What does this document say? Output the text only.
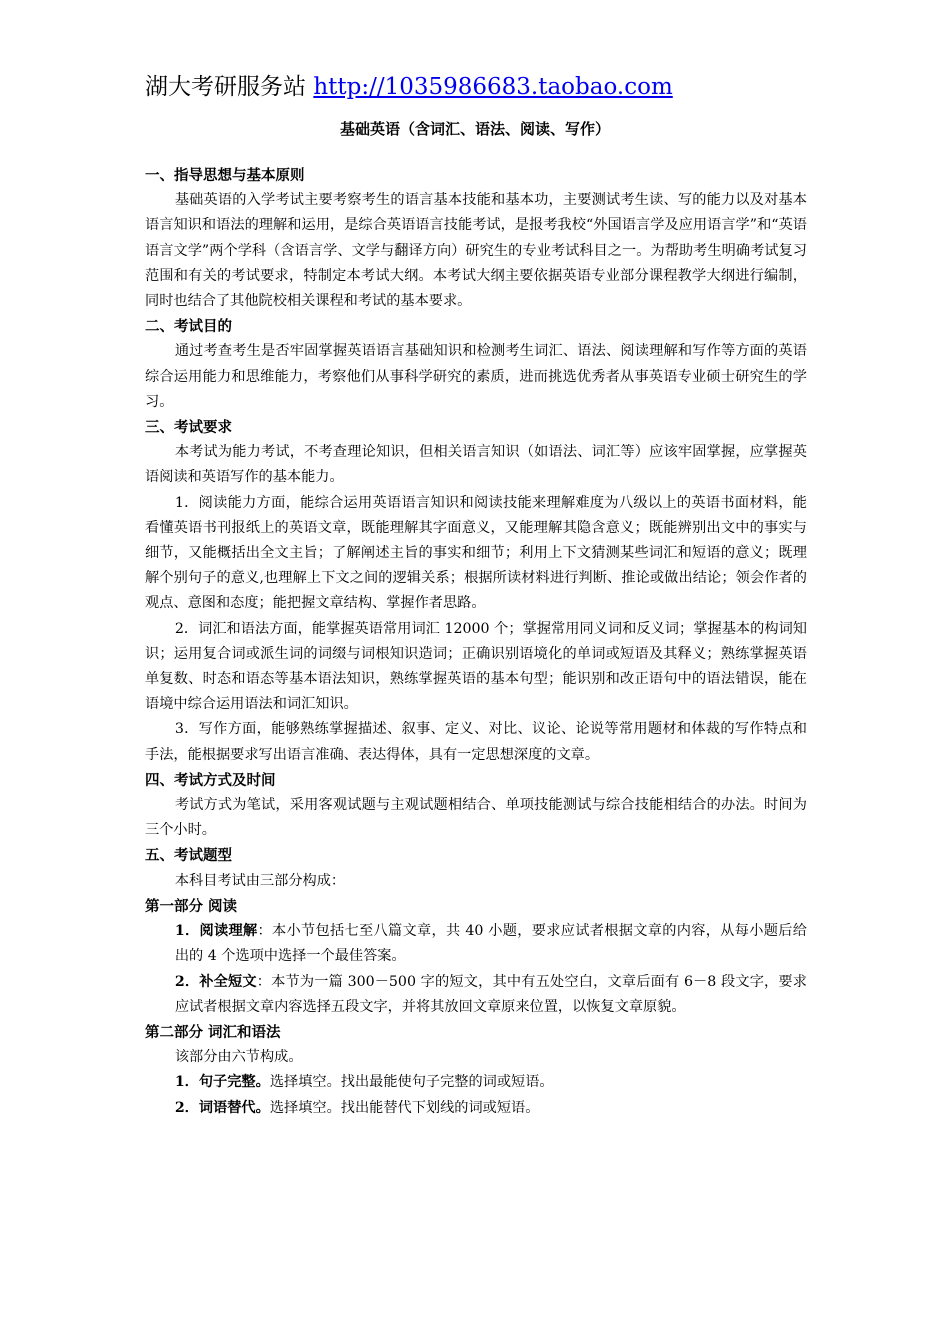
湖大考研服务站 http://1035986683.taobao.com
基础英语（含词汇、语法、阅读、写作）

一、指导思想与基本原则

基础英语的入学考试主要考察考生的语言基本技能和基本功，主要测试考生读、写的能力以及对基本语言知识和语法的理解和运用，是综合英语语言技能考试，是报考我校“外国语言学及应用语言学”和“英语语言文学”两个学科（含语言学、文学与翻译方向）研究生的专业考试科目之一。为帮助考生明确考试复习范围和有关的考试要求，特制定本考试大纲。本考试大纲主要依据英语专业部分课程教学大纲进行编制，同时也结合了其他院校相关课程和考试的基本要求。

二、考试目的

通过考查考生是否牢固掌握英语语言基础知识和检测考生词汇、语法、阅读理解和写作等方面的英语综合运用能力和思维能力，考察他们从事科学研究的素质，进而挑选优秀者从事英语专业硕士研究生的学习。

三、考试要求

本考试为能力考试，不考查理论知识，但相关语言知识（如语法、词汇等）应该牢固掌握，应掌握英语阅读和英语写作的基本能力。

1．阅读能力方面，能综合运用英语语言知识和阅读技能来理解难度为八级以上的英语书面材料，能看懂英语书刊报纸上的英语文章，既能理解其字面意义，又能理解其隐含意义；既能辨别出文中的事实与细节，又能概括出全文主旨；了解阐述主旨的事实和细节；利用上下文猜测某些词汇和短语的意义；既理解个别句子的意义,也理解上下文之间的逻辑关系；根据所读材料进行判断、推论或做出结论；领会作者的观点、意图和态度；能把握文章结构、掌握作者思路。

2．词汇和语法方面，能掌握英语常用词汇 12000 个；掌握常用同义词和反义词；掌握基本的构词知识；运用复合词或派生词的词缀与词根知识造词；正确识别语境化的单词或短语及其释义；熟练掌握英语单复数、时态和语态等基本语法知识，熟练掌握英语的基本句型；能识别和改正语句中的语法错误，能在语境中综合运用语法和词汇知识。

3．写作方面，能够熟练掌握描述、叙事、定义、对比、议论、论说等常用题材和体裁的写作特点和手法，能根据要求写出语言准确、表达得体，具有一定思想深度的文章。

四、考试方式及时间

考试方式为笔试，采用客观试题与主观试题相结合、单项技能测试与综合技能相结合的办法。时间为三个小时。

五、考试题型

本科目考试由三部分构成：

第一部分 阅读

1．阅读理解：本小节包括七至八篇文章，共 40 小题，要求应试者根据文章的内容，从每小题后给出的 4 个选项中选择一个最佳答案。

2．补全短文：本节为一篇 300－500 字的短文，其中有五处空白，文章后面有 6－8 段文字，要求应试者根据文章内容选择五段文字，并将其放回文章原来位置，以恢复文章原貌。

第二部分 词汇和语法

该部分由六节构成。

1．句子完整。选择填空。找出最能使句子完整的词或短语。

2．词语替代。选择填空。找出能替代下划线的词或短语。
